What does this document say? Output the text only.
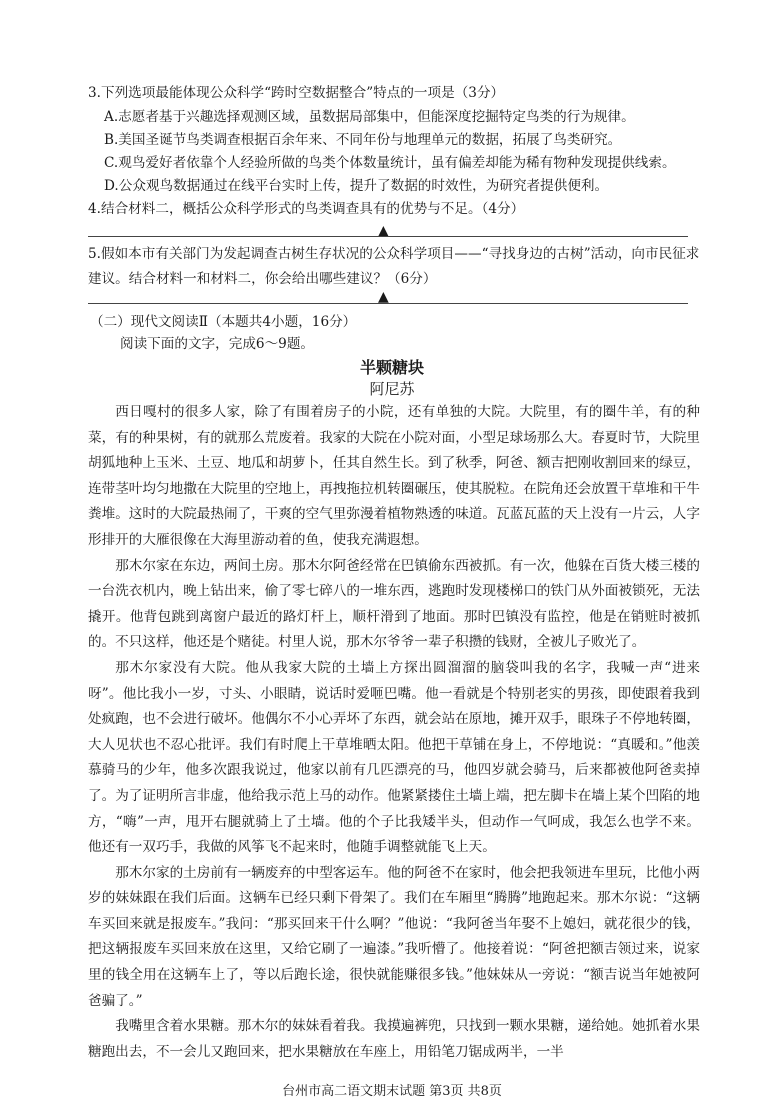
3.下列选项最能体现公众科学“跨时空数据整合”特点的一项是（3分）
A.志愿者基于兴趣选择观测区域，虽数据局部集中，但能深度挖掘特定鸟类的行为规律。
B.美国圣诞节鸟类调查根据百余年来、不同年份与地理单元的数据，拓展了鸟类研究。
C.观鸟爱好者依靠个人经验所做的鸟类个体数量统计，虽有偏差却能为稀有物种发现提供线索。
D.公众观鸟数据通过在线平台实时上传，提升了数据的时效性，为研究者提供便利。
4.结合材料二，概括公众科学形式的鸟类调查具有的优势与不足。（4分）
▲
5.假如本市有关部门为发起调查古树生存状况的公众科学项目——“寻找身边的古树”活动，向市民征求建议。结合材料一和材料二，你会给出哪些建议？（6分）
▲
（二）现代文阅读Ⅱ（本题共4小题，16分）
阅读下面的文字，完成6～9题。
半颗糖块
阿尼苏

西日嘎村的很多人家，除了有围着房子的小院，还有单独的大院。大院里，有的圈牛羊，有的种菜，有的种果树，有的就那么荒废着。我家的大院在小院对面，小型足球场那么大。春夏时节，大院里胡狐地种上玉米、土豆、地瓜和胡萝卜，任其自然生长。到了秋季，阿爸、额吉把刚收割回来的绿豆，连带茎叶均匀地撒在大院里的空地上，再拽拖拉机转圈碾压，使其脱粒。在院角还会放置干草堆和干牛粪堆。这时的大院最热闹了，干爽的空气里弥漫着植物熟透的味道。瓦蓝瓦蓝的天上没有一片云，人字形排开的大雁很像在大海里游动着的鱼，使我充满遐想。

那木尔家在东边，两间土房。那木尔阿爸经常在巴镇偷东西被抓。有一次，他躲在百货大楼三楼的一台洗衣机内，晚上钻出来，偷了零七碎八的一堆东西，逃跑时发现楼梯口的铁门从外面被锁死，无法撬开。他背包跳到离窗户最近的路灯杆上，顺杆滑到了地面。那时巴镇没有监控，他是在销赃时被抓的。不只这样，他还是个赌徒。村里人说，那木尔爷爷一辈子积攒的钱财，全被儿子败光了。

那木尔家没有大院。他从我家大院的土墙上方探出圆溜溜的脑袋叫我的名字，我喊一声“进来呀”。他比我小一岁，寸头、小眼睛，说话时爱咂巴嘴。他一看就是个特别老实的男孩，即使跟着我到处疯跑，也不会进行破坏。他偶尔不小心弄坏了东西，就会站在原地，摊开双手，眼珠子不停地转圈，大人见状也不忍心批评。我们有时爬上干草堆晒太阳。他把干草铺在身上，不停地说：“真暖和。”他羡慕骑马的少年，他多次跟我说过，他家以前有几匹漂亮的马，他四岁就会骑马，后来都被他阿爸卖掉了。为了证明所言非虚，他给我示范上马的动作。他紧紧搂住土墙上端，把左脚卡在墙上某个凹陷的地方，“嗨”一声，甩开右腿就骑上了土墙。他的个子比我矮半头，但动作一气呵成，我怎么也学不来。他还有一双巧手，我做的风筝飞不起来时，他随手调整就能飞上天。

那木尔家的土房前有一辆废弃的中型客运车。他的阿爸不在家时，他会把我领进车里玩，比他小两岁的妹妹跟在我们后面。这辆车已经只剩下骨架了。我们在车厢里“腾腾”地跑起来。那木尔说：“这辆车买回来就是报废车。”我问：“那买回来干什么啊？”他说：“我阿爸当年娶不上媳妇，就花很少的钱，把这辆报废车买回来放在这里，又给它刷了一遍漆。”我听懵了。他接着说：“阿爸把额吉领过来，说家里的钱全用在这辆车上了，等以后跑长途，很快就能赚很多钱。”他妹妹从一旁说：“额吉说当年她被阿爸骗了。”

我嘴里含着水果糖。那木尔的妹妹看着我。我摸遍裤兜，只找到一颗水果糖，递给她。她抓着水果糖跑出去，不一会儿又跑回来，把水果糖放在车座上，用铅笔刀锯成两半，一半

台州市高二语文期末试题 第3页 共8页
